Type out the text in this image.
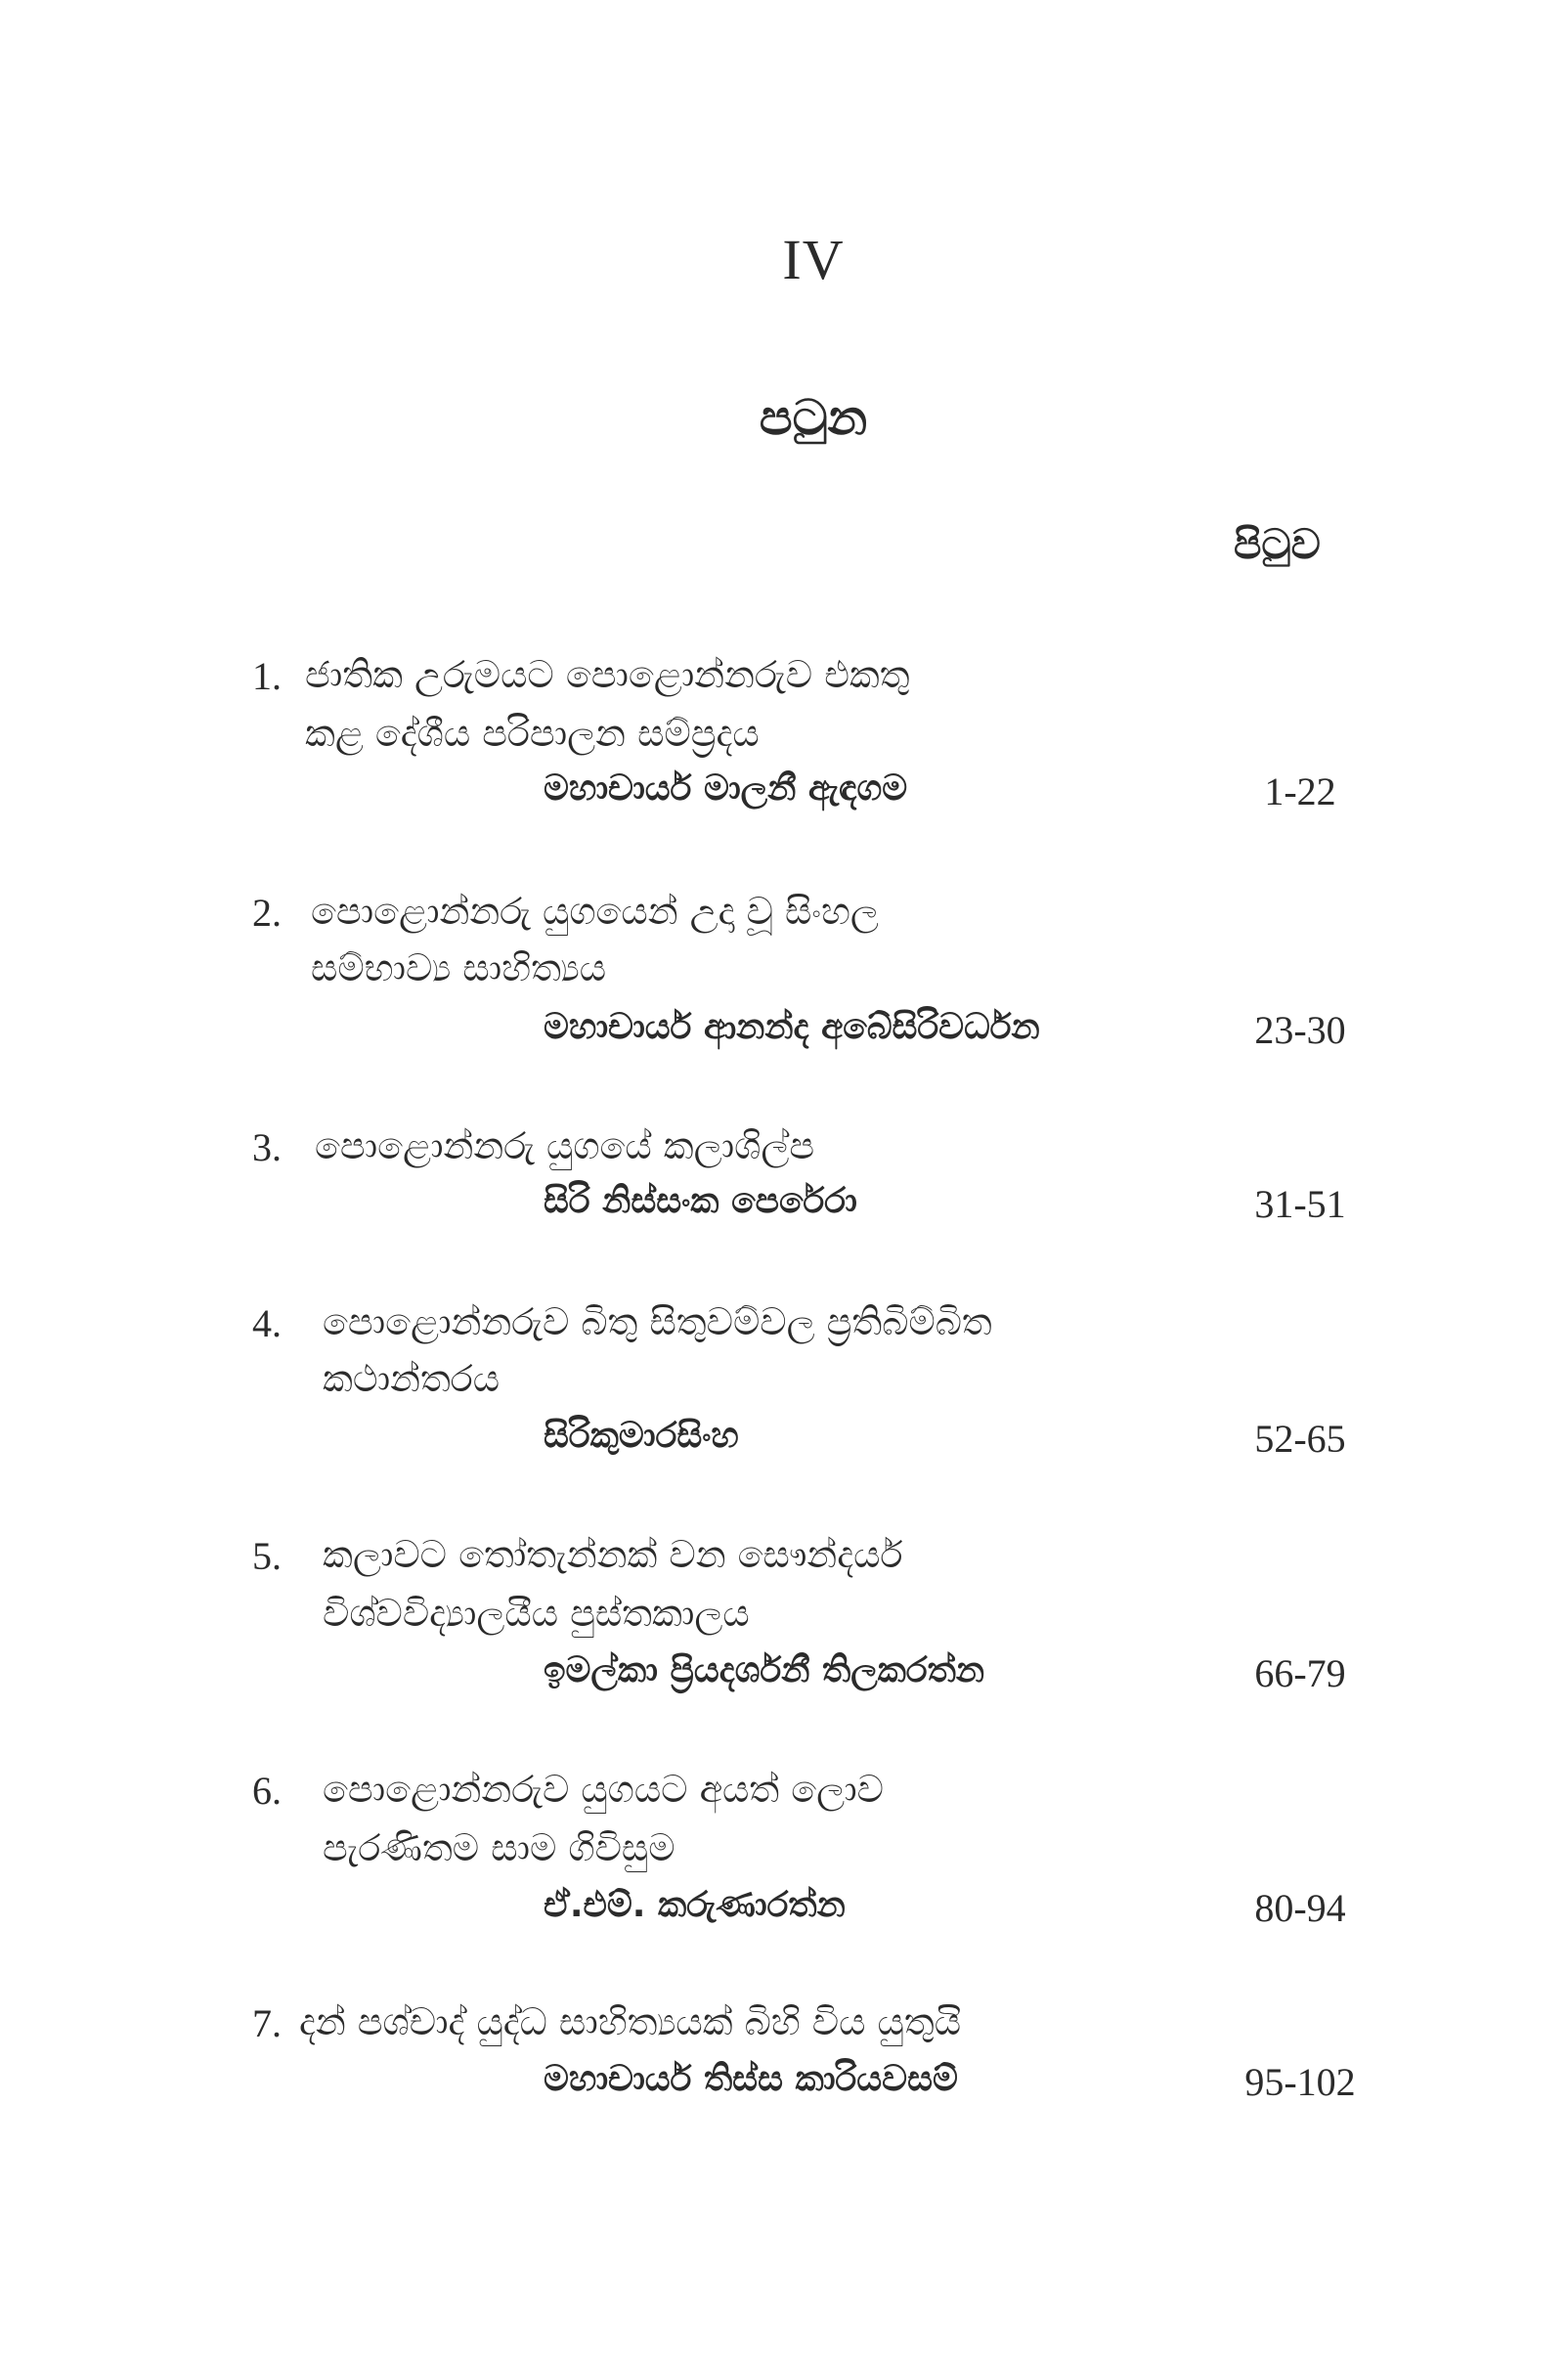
IV
පටුන
පිටුව
1. ජාතික උරුමයට පොළොන්නරුව එකතු
කළ දේශීය පරිපාලන සම්ප්‍රදය
මහාචාර්ය මාලනී ඇඳගම	1-22
2. පොළොන්නරු යුගයෙන් උදා වූ සිංහල
සම්භාව්‍ය සාහිත්‍යය
මහාචාර්ය ආනන්ද අබේසිරිවර්ධන	23-30
3. පොළොන්නරු යුගයේ කලාශිල්ප
සිරි නිස්සංක පෙරේරා	31-51
4. පොළොන්නරුව බිතු සිතුවම්වල ප්‍රතිබිම්බිත
කථාන්තරය
සිරිකුමාරසිංහ	52-65
5. කලාවට තෝතැන්නක් වන සෞන්දර්ය
විශ්වවිද්‍යාලයීය පුස්තකාලය
ඉමල්කා ප්‍රියදර්ශනී තිලකරත්න	66-79
6. පොළොන්නරුව යුගයට අයත් ලොව
පැරණිතම සාම ගිවිසුම
ඒ.එම්. කරුණාරත්න	80-94
7. දන් පශ්චාද් යුද්ධ සාහිත්‍යයක් බිහි විය යුතුයි
මහාචාර්ය තිස්ස කාරියවසම්	95-102
